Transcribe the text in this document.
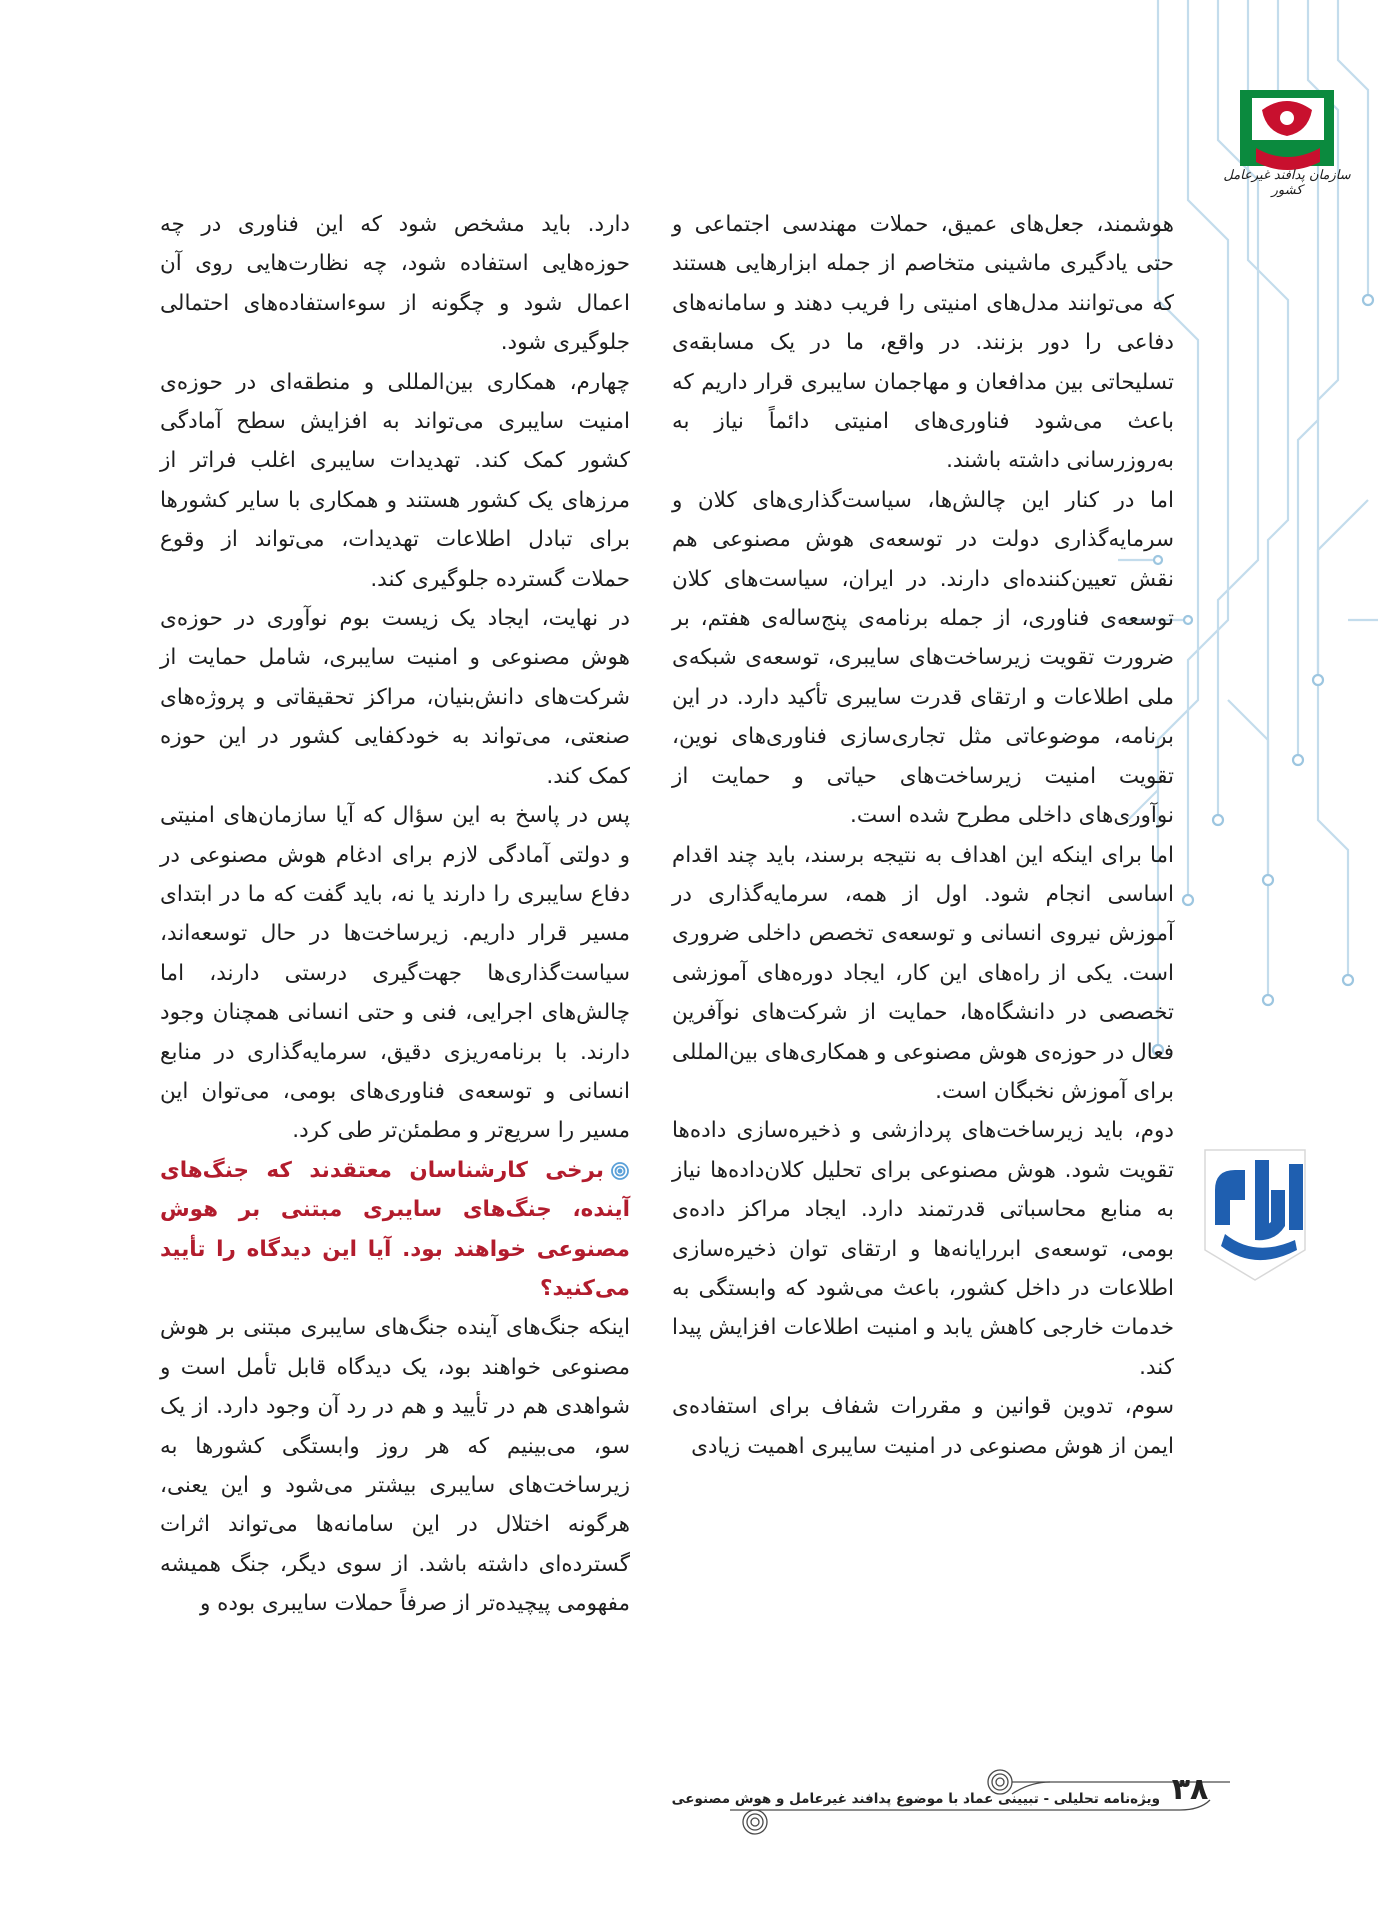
سازمان پدافند غیرعامل کشور

هوشمند، جعل‌های عمیق، حملات مهندسی اجتماعی و حتی یادگیری ماشینی متخاصم از جمله ابزارهایی هستند که می‌توانند مدل‌های امنیتی را فریب دهند و سامانه‌های دفاعی را دور بزنند. در واقع، ما در یک مسابقه‌ی تسلیحاتی بین مدافعان و مهاجمان سایبری قرار داریم که باعث می‌شود فناوری‌های امنیتی دائماً نیاز به به‌روزرسانی داشته باشند.

اما در کنار این چالش‌ها، سیاست‌گذاری‌های کلان و سرمایه‌گذاری دولت در توسعه‌ی هوش مصنوعی هم نقش تعیین‌کننده‌ای دارند. در ایران، سیاست‌های کلان توسعه‌ی فناوری، از جمله برنامه‌ی پنج‌ساله‌ی هفتم، بر ضرورت تقویت زیرساخت‌های سایبری، توسعه‌ی شبکه‌ی ملی اطلاعات و ارتقای قدرت سایبری تأکید دارد. در این برنامه، موضوعاتی مثل تجاری‌سازی فناوری‌های نوین، تقویت امنیت زیرساخت‌های حیاتی و حمایت از نوآوری‌های داخلی مطرح شده است.

اما برای اینکه این اهداف به نتیجه برسند، باید چند اقدام اساسی انجام شود. اول از همه، سرمایه‌گذاری در آموزش نیروی انسانی و توسعه‌ی تخصص داخلی ضروری است. یکی از راه‌های این کار، ایجاد دوره‌های آموزشی تخصصی در دانشگاه‌ها، حمایت از شرکت‌های نوآفرین فعال در حوزه‌ی هوش مصنوعی و همکاری‌های بین‌المللی برای آموزش نخبگان است.

دوم، باید زیرساخت‌های پردازشی و ذخیره‌سازی داده‌ها تقویت شود. هوش مصنوعی برای تحلیل کلان‌داده‌ها نیاز به منابع محاسباتی قدرتمند دارد. ایجاد مراکز داده‌ی بومی، توسعه‌ی ابررایانه‌ها و ارتقای توان ذخیره‌سازی اطلاعات در داخل کشور، باعث می‌شود که وابستگی به خدمات خارجی کاهش یابد و امنیت اطلاعات افزایش پیدا کند.

سوم، تدوین قوانین و مقررات شفاف برای استفاده‌ی ایمن از هوش مصنوعی در امنیت سایبری اهمیت زیادی

دارد. باید مشخص شود که این فناوری در چه حوزه‌هایی استفاده شود، چه نظارت‌هایی روی آن اعمال شود و چگونه از سوءاستفاده‌های احتمالی جلوگیری شود.

چهارم، همکاری بین‌المللی و منطقه‌ای در حوزه‌ی امنیت سایبری می‌تواند به افزایش سطح آمادگی کشور کمک کند. تهدیدات سایبری اغلب فراتر از مرزهای یک کشور هستند و همکاری با سایر کشورها برای تبادل اطلاعات تهدیدات، می‌تواند از وقوع حملات گسترده جلوگیری کند.

در نهایت، ایجاد یک زیست بوم نوآوری در حوزه‌ی هوش مصنوعی و امنیت سایبری، شامل حمایت از شرکت‌های دانش‌بنیان، مراکز تحقیقاتی و پروژه‌های صنعتی، می‌تواند به خودکفایی کشور در این حوزه کمک کند.

پس در پاسخ به این سؤال که آیا سازمان‌های امنیتی و دولتی آمادگی لازم برای ادغام هوش مصنوعی در دفاع سایبری را دارند یا نه، باید گفت که ما در ابتدای مسیر قرار داریم. زیرساخت‌ها در حال توسعه‌اند، سیاست‌گذاری‌ها جهت‌گیری درستی دارند، اما چالش‌های اجرایی، فنی و حتی انسانی همچنان وجود دارند. با برنامه‌ریزی دقیق، سرمایه‌گذاری در منابع انسانی و توسعه‌ی فناوری‌های بومی، می‌توان این مسیر را سریع‌تر و مطمئن‌تر طی کرد.

برخی کارشناسان معتقدند که جنگ‌های آینده، جنگ‌های سایبری مبتنی بر هوش مصنوعی خواهند بود. آیا این دیدگاه را تأیید می‌کنید؟

اینکه جنگ‌های آینده جنگ‌های سایبری مبتنی بر هوش مصنوعی خواهند بود، یک دیدگاه قابل تأمل است و شواهدی هم در تأیید و هم در رد آن وجود دارد. از یک سو، می‌بینیم که هر روز وابستگی کشورها به زیرساخت‌های سایبری بیشتر می‌شود و این یعنی، هرگونه اختلال در این سامانه‌ها می‌تواند اثرات گسترده‌ای داشته باشد. از سوی دیگر، جنگ همیشه مفهومی پیچیده‌تر از صرفاً حملات سایبری بوده و

ویژه‌نامه تحلیلی - تبیینی عماد با موضوع پدافند غیرعامل و هوش مصنوعی ۳۸
